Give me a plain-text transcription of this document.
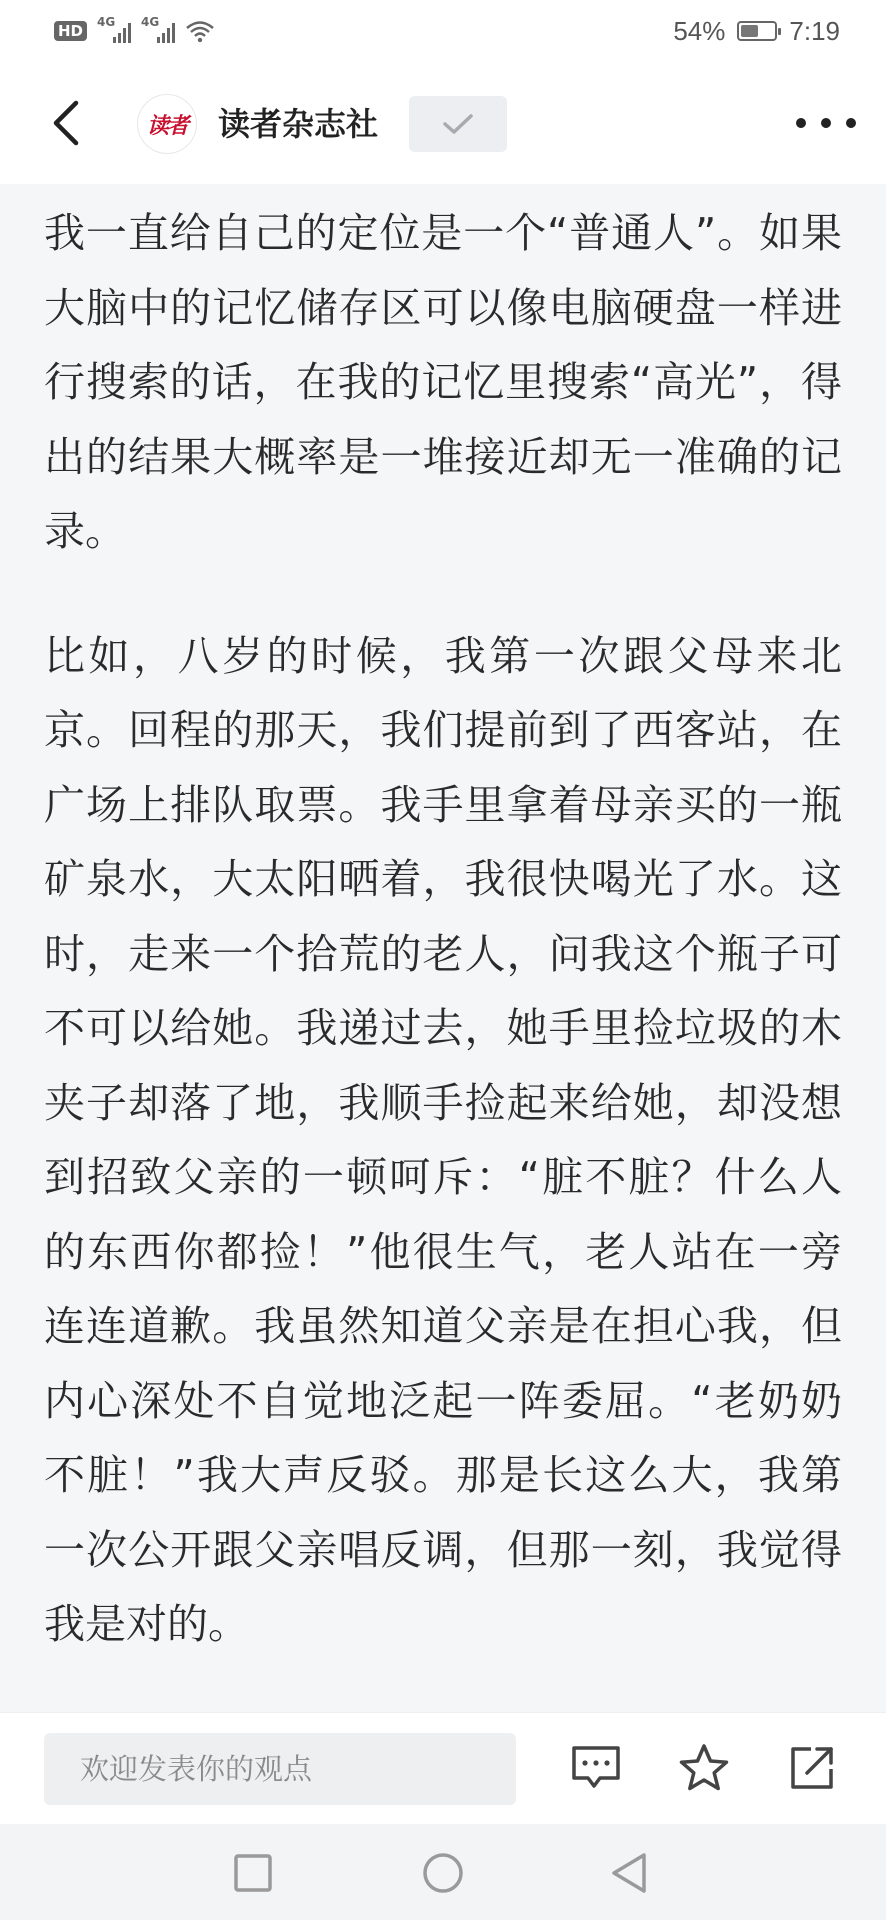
HD	4G 4G	54% 7:19
读者 读者杂志社

我一直给自己的定位是一个“普通人”。如果大脑中的记忆储存区可以像电脑硬盘一样进行搜索的话，在我的记忆里搜索“高光”，得出的结果大概率是一堆接近却无一准确的记录。

比如，八岁的时候，我第一次跟父母来北京。回程的那天，我们提前到了西客站，在广场上排队取票。我手里拿着母亲买的一瓶矿泉水，大太阳晒着，我很快喝光了水。这时，走来一个拾荒的老人，问我这个瓶子可不可以给她。我递过去，她手里捡垃圾的木夹子却落了地，我顺手捡起来给她，却没想到招致父亲的一顿呵斥：“脏不脏？什么人的东西你都捡！”他很生气，老人站在一旁连连道歉。我虽然知道父亲是在担心我，但内心深处不自觉地泛起一阵委屈。“老奶奶不脏！”我大声反驳。那是长这么大，我第一次公开跟父亲唱反调，但那一刻，我觉得我是对的。

欢迎发表你的观点
